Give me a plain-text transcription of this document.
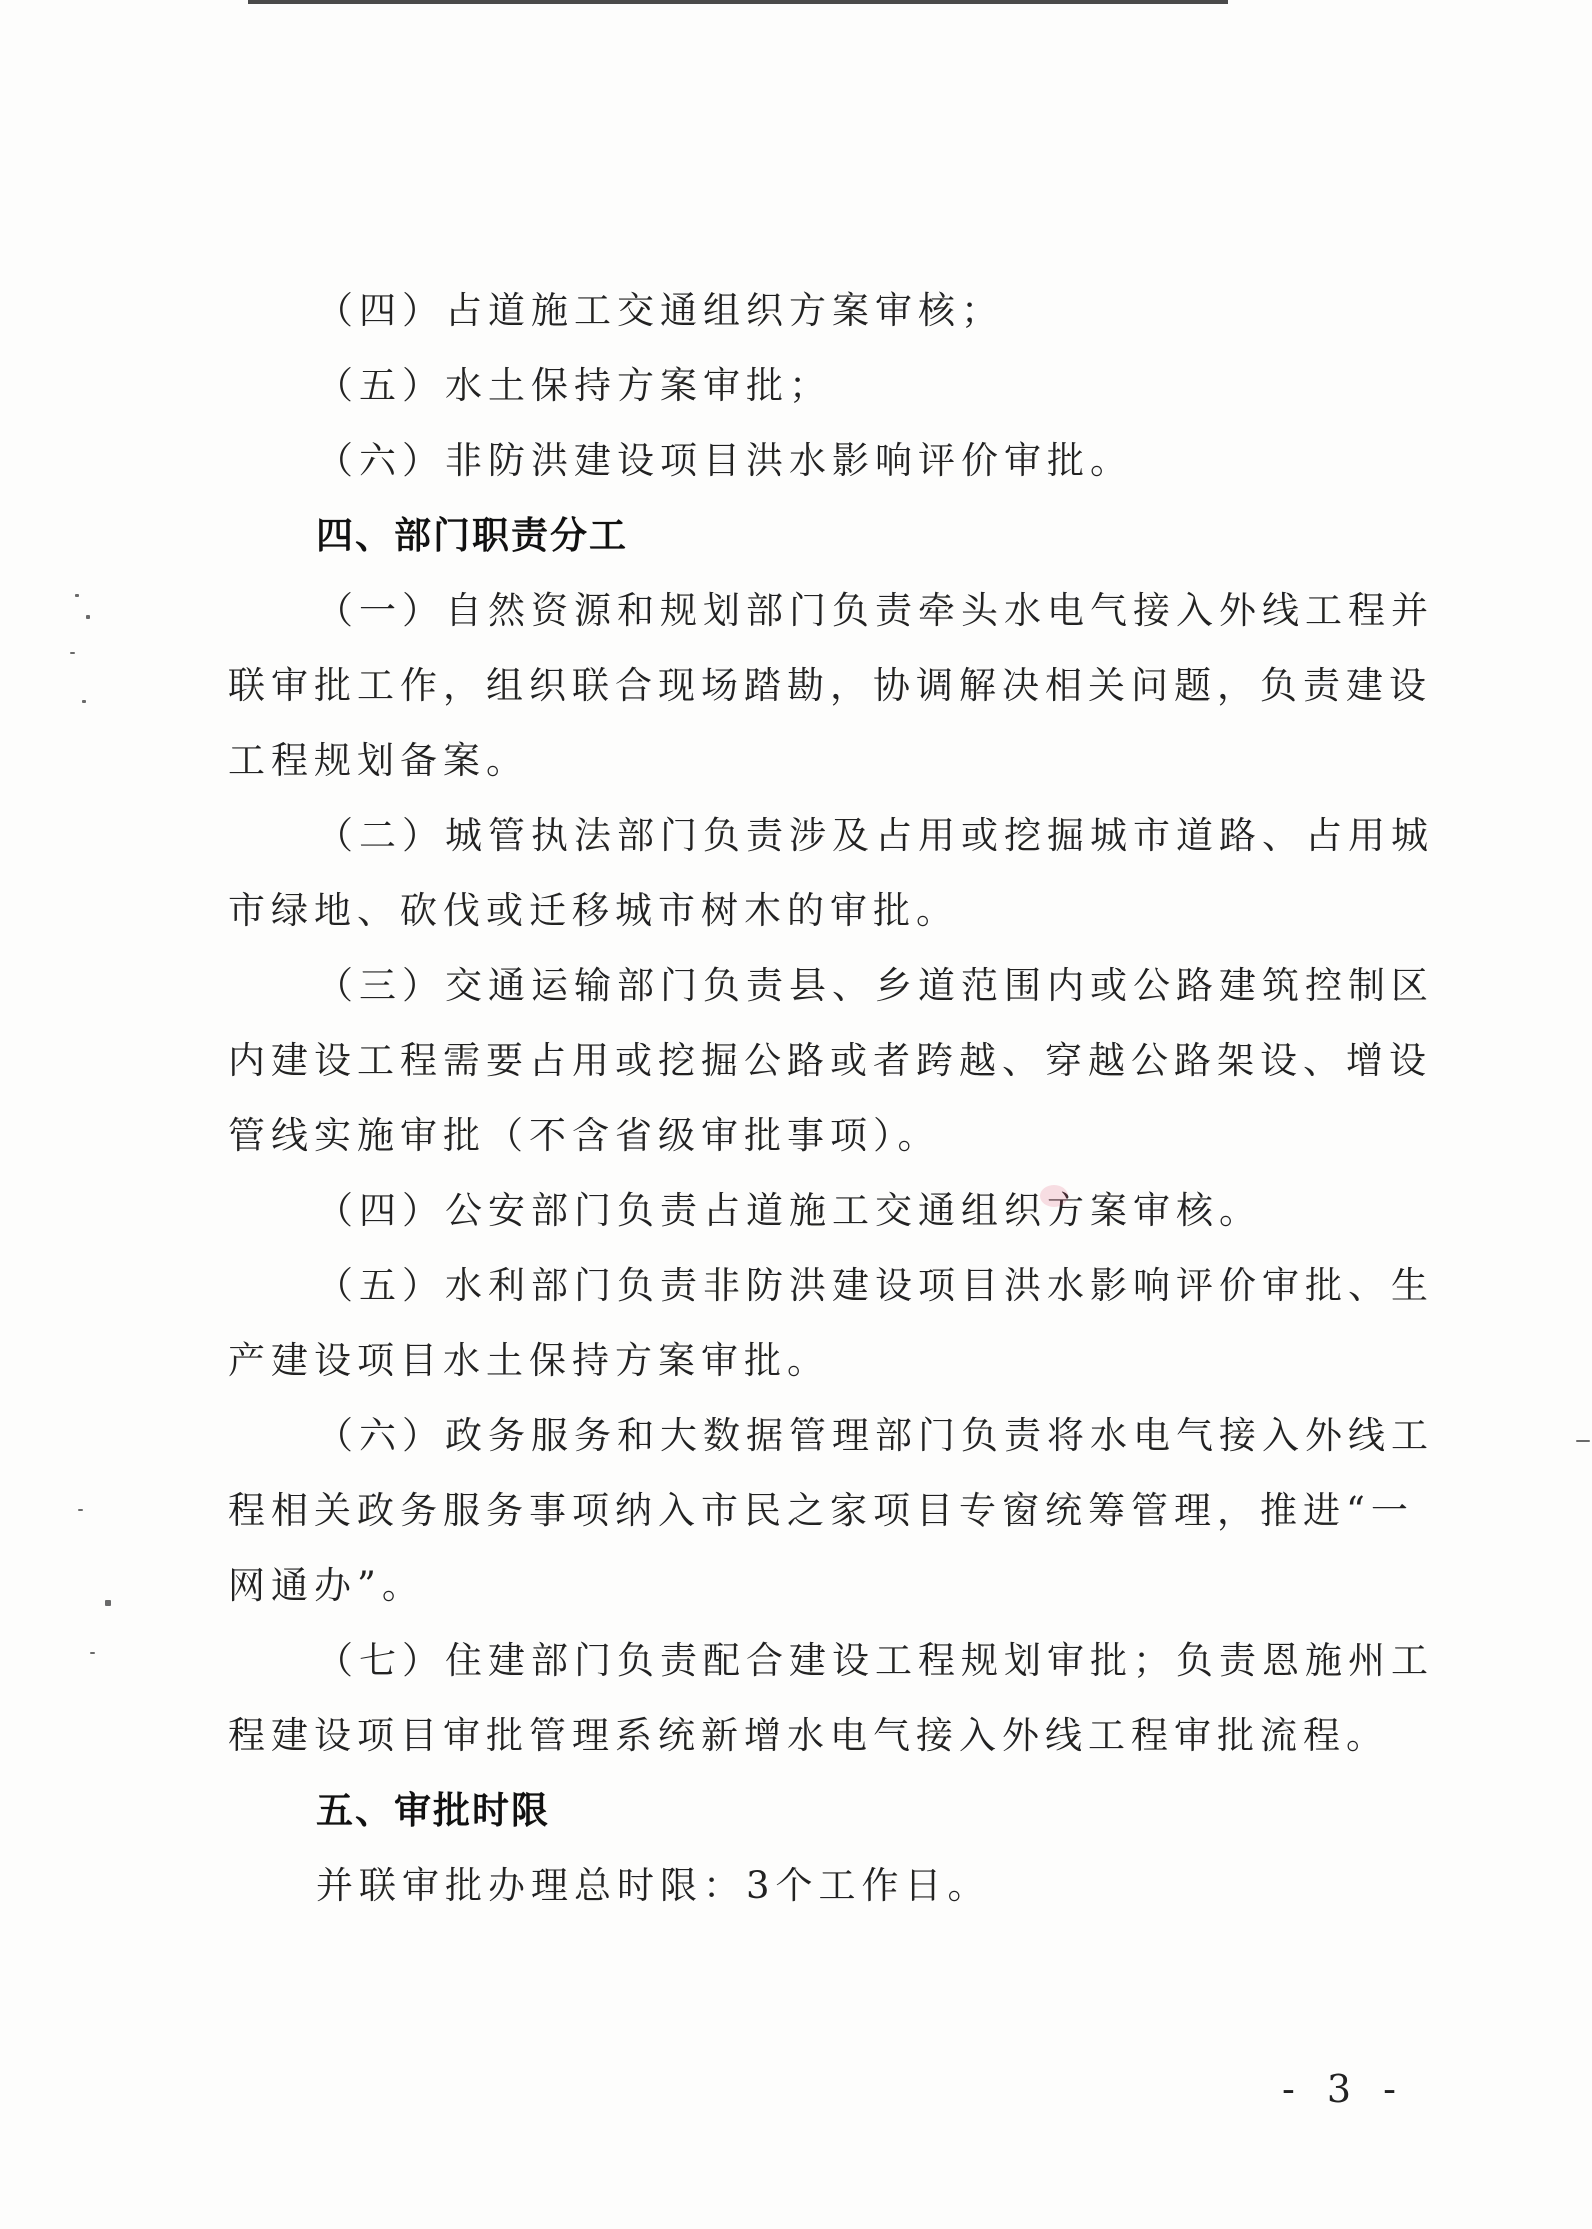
（四）占道施工交通组织方案审核；

（五）水土保持方案审批；

（六）非防洪建设项目洪水影响评价审批。

四、部门职责分工

（一）自然资源和规划部门负责牵头水电气接入外线工程并

联审批工作，组织联合现场踏勘，协调解决相关问题，负责建设

工程规划备案。

（二）城管执法部门负责涉及占用或挖掘城市道路、占用城

市绿地、砍伐或迁移城市树木的审批。

（三）交通运输部门负责县、乡道范围内或公路建筑控制区

内建设工程需要占用或挖掘公路或者跨越、穿越公路架设、增设

管线实施审批（不含省级审批事项）。

（四）公安部门负责占道施工交通组织方案审核。

（五）水利部门负责非防洪建设项目洪水影响评价审批、生

产建设项目水土保持方案审批。

（六）政务服务和大数据管理部门负责将水电气接入外线工

程相关政务服务事项纳入市民之家项目专窗统筹管理，推进“一

网通办”。

（七）住建部门负责配合建设工程规划审批；负责恩施州工

程建设项目审批管理系统新增水电气接入外线工程审批流程。

五、审批时限

并联审批办理总时限：3个工作日。

- 3 -
